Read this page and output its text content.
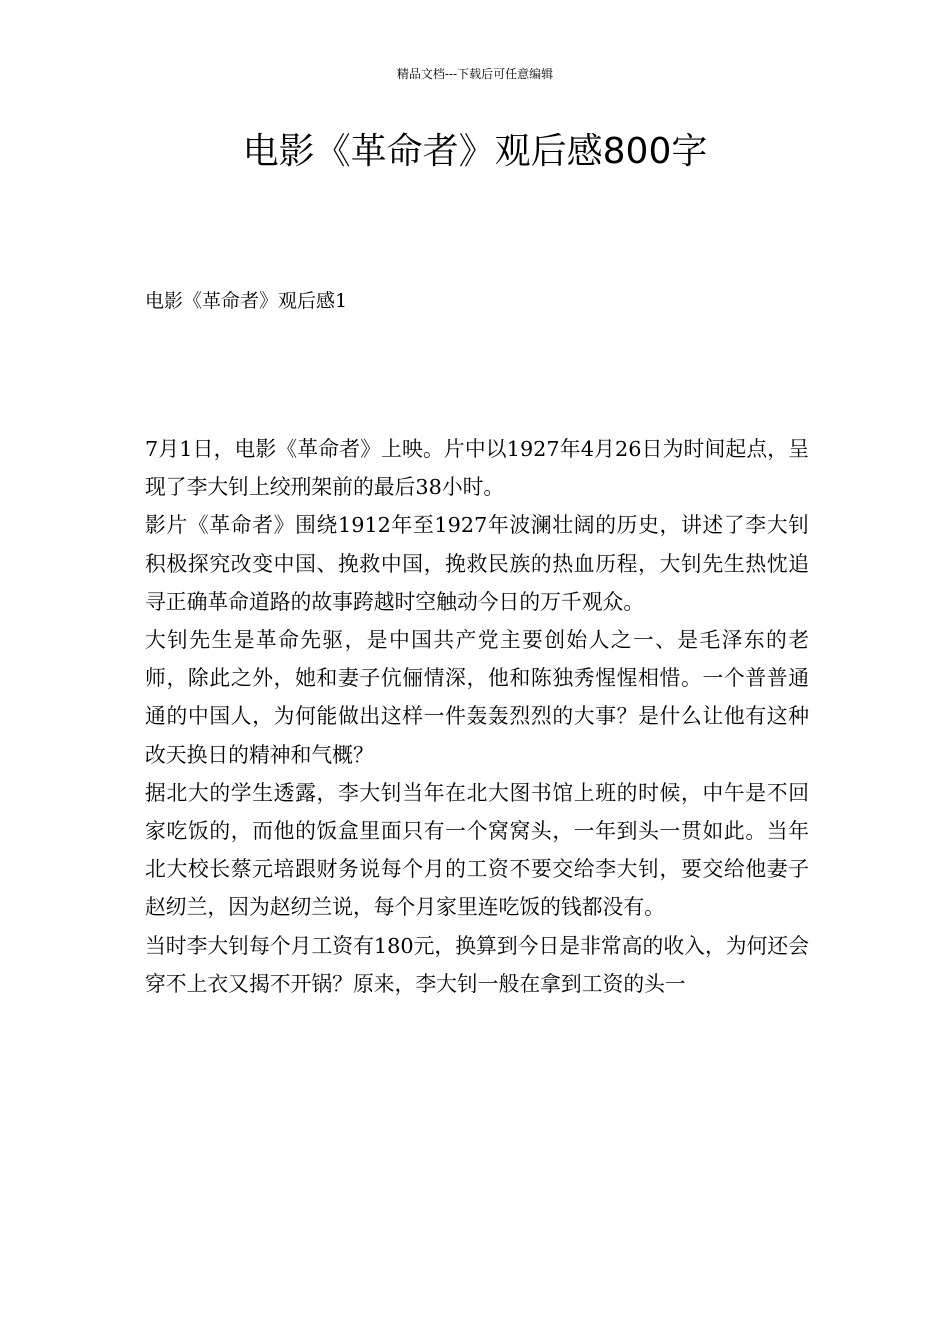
精品文档---下载后可任意编辑
电影《革命者》观后感800字
电影《革命者》观后感1

7月1日，电影《革命者》上映。片中以1927年4月26日为时间起点，呈现了李大钊上绞刑架前的最后38小时。

影片《革命者》围绕1912年至1927年波澜壮阔的历史，讲述了李大钊积极探究改变中国、挽救中国，挽救民族的热血历程，大钊先生热忱追寻正确革命道路的故事跨越时空触动今日的万千观众。

大钊先生是革命先驱，是中国共产党主要创始人之一、是毛泽东的老师，除此之外，她和妻子伉俪情深，他和陈独秀惺惺相惜。一个普普通通的中国人，为何能做出这样一件轰轰烈烈的大事？是什么让他有这种改天换日的精神和气概？

据北大的学生透露，李大钊当年在北大图书馆上班的时候，中午是不回家吃饭的，而他的饭盒里面只有一个窝窝头，一年到头一贯如此。当年北大校长蔡元培跟财务说每个月的工资不要交给李大钊，要交给他妻子赵纫兰，因为赵纫兰说，每个月家里连吃饭的钱都没有。

当时李大钊每个月工资有180元，换算到今日是非常高的收入，为何还会穿不上衣又揭不开锅？原来，李大钊一般在拿到工资的头一
